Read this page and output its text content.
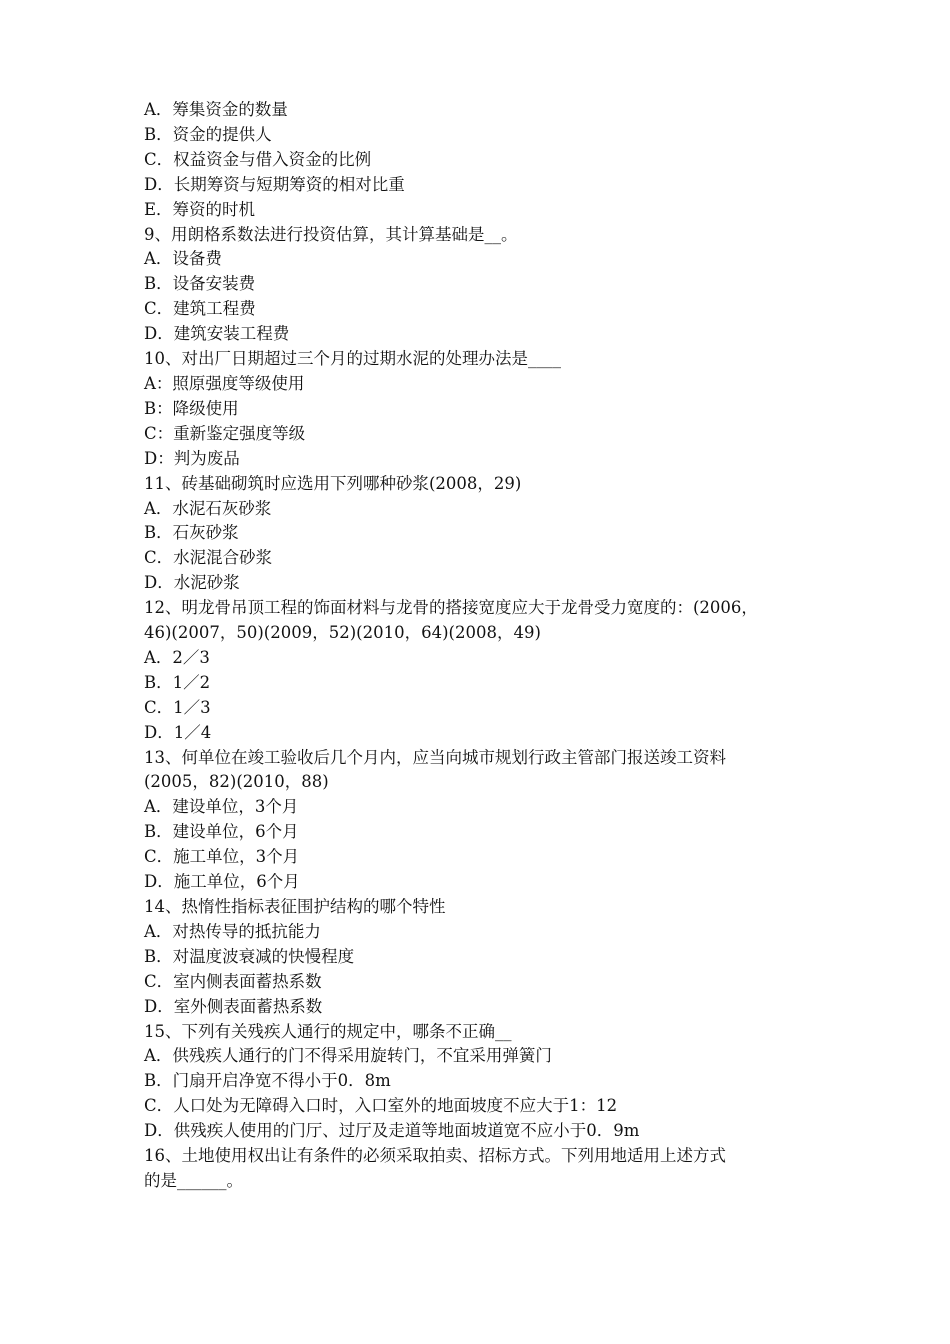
A．筹集资金的数量
B．资金的提供人
C．权益资金与借入资金的比例
D．长期筹资与短期筹资的相对比重
E．筹资的时机
9、用朗格系数法进行投资估算，其计算基础是__。
A．设备费
B．设备安装费
C．建筑工程费
D．建筑安装工程费
10、对出厂日期超过三个月的过期水泥的处理办法是____
A：照原强度等级使用
B：降级使用
C：重新鉴定强度等级
D：判为废品
11、砖基础砌筑时应选用下列哪种砂浆(2008，29)
A．水泥石灰砂浆
B．石灰砂浆
C．水泥混合砂浆
D．水泥砂浆
12、明龙骨吊顶工程的饰面材料与龙骨的搭接宽度应大于龙骨受力宽度的：(2006，
46)(2007，50)(2009，52)(2010，64)(2008，49)
A．2／3
B．1／2
C．1／3
D．1／4
13、何单位在竣工验收后几个月内，应当向城市规划行政主管部门报送竣工资料
(2005，82)(2010，88)
A．建设单位，3个月
B．建设单位，6个月
C．施工单位，3个月
D．施工单位，6个月
14、热惰性指标表征围护结构的哪个特性
A．对热传导的抵抗能力
B．对温度波衰减的快慢程度
C．室内侧表面蓄热系数
D．室外侧表面蓄热系数
15、下列有关残疾人通行的规定中，哪条不正确__
A．供残疾人通行的门不得采用旋转门，不宜采用弹簧门
B．门扇开启净宽不得小于0．8m
C．人口处为无障碍入口时，入口室外的地面坡度不应大于1：12
D．供残疾人使用的门厅、过厅及走道等地面坡道宽不应小于0．9m
16、土地使用权出让有条件的必须采取拍卖、招标方式。下列用地适用上述方式
的是______。
